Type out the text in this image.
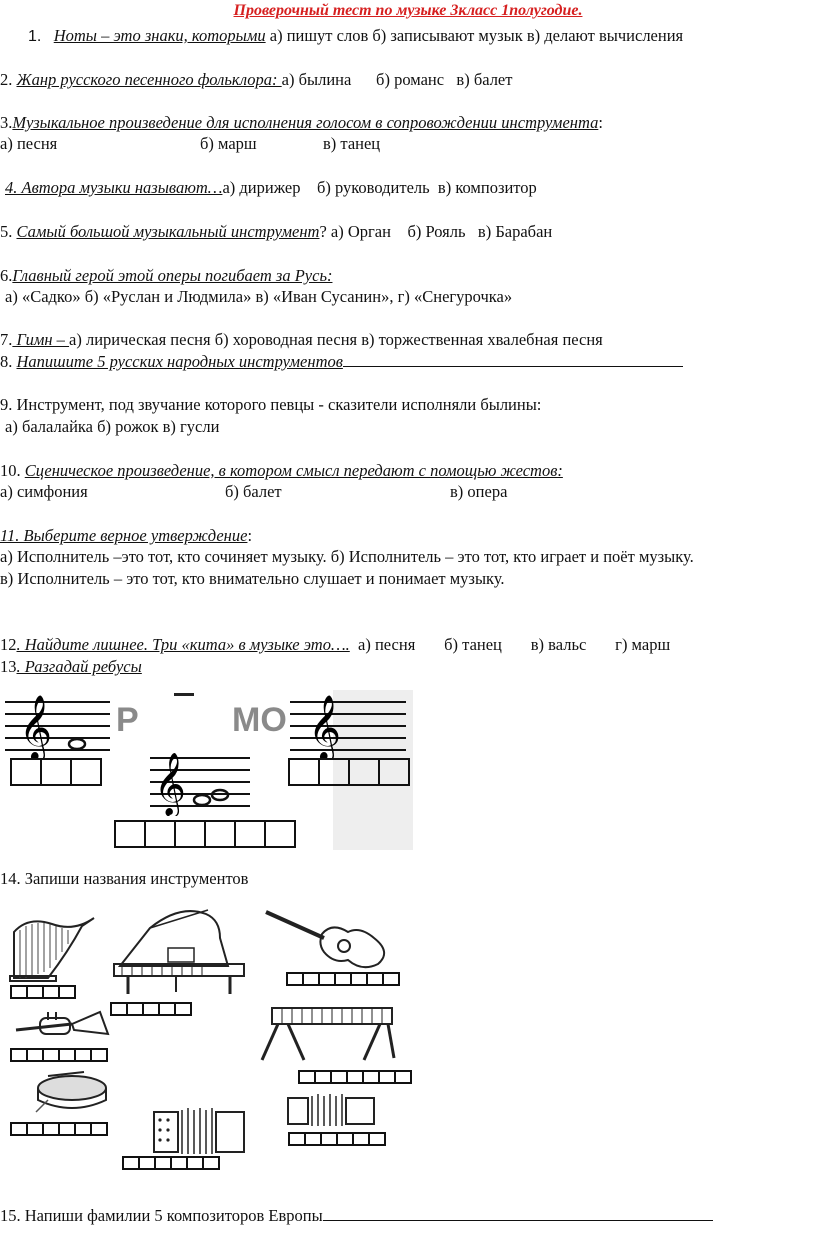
Проверочный тест по музыке 3класс 1полугодие.
1. Ноты – это знаки, которыми а) пишут слов б) записывают музык в) делают вычисления
2. Жанр русского песенного фольклора: а) былина      б) романс   в) балет
3.Музыкальное произведение для исполнения голосом в сопровождении инструмента:
а) песня	б) марш	в) танец
4. Автора музыки называют…а) дирижер    б) руководитель  в) композитор
5. Самый большой музыкальный инструмент? а) Орган    б) Рояль   в) Барабан
6.Главный герой этой оперы погибает за Русь:
а) «Садко» б) «Руслан и Людмила» в) «Иван Сусанин», г) «Снегурочка»
7. Гимн – а) лирическая песня б) хороводная песня в) торжественная хвалебная песня
8. Напишите 5 русских народных инструментов
9. Инструмент, под звучание которого певцы - сказители исполняли былины:
а) балалайка б) рожок в) гусли
10. Сценическое произведение, в котором смысл передают с помощью жестов:
а) симфония	б) балет	в) опера
11. Выберите верное утверждение:
а) Исполнитель –это тот, кто сочиняет музыку. б) Исполнитель – это тот, кто играет и поёт музыку.
в) Исполнитель – это тот, кто внимательно слушает и понимает музыку.
12. Найдите лишнее. Три «кита» в музыке это….  а) песня       б) танец       в) вальс       г) марш
13. Разгадай ребусы
𝄞 Р
𝄞
МО 𝄞
14. Запиши названия инструментов
15. Напиши фамилии 5 композиторов Европы
